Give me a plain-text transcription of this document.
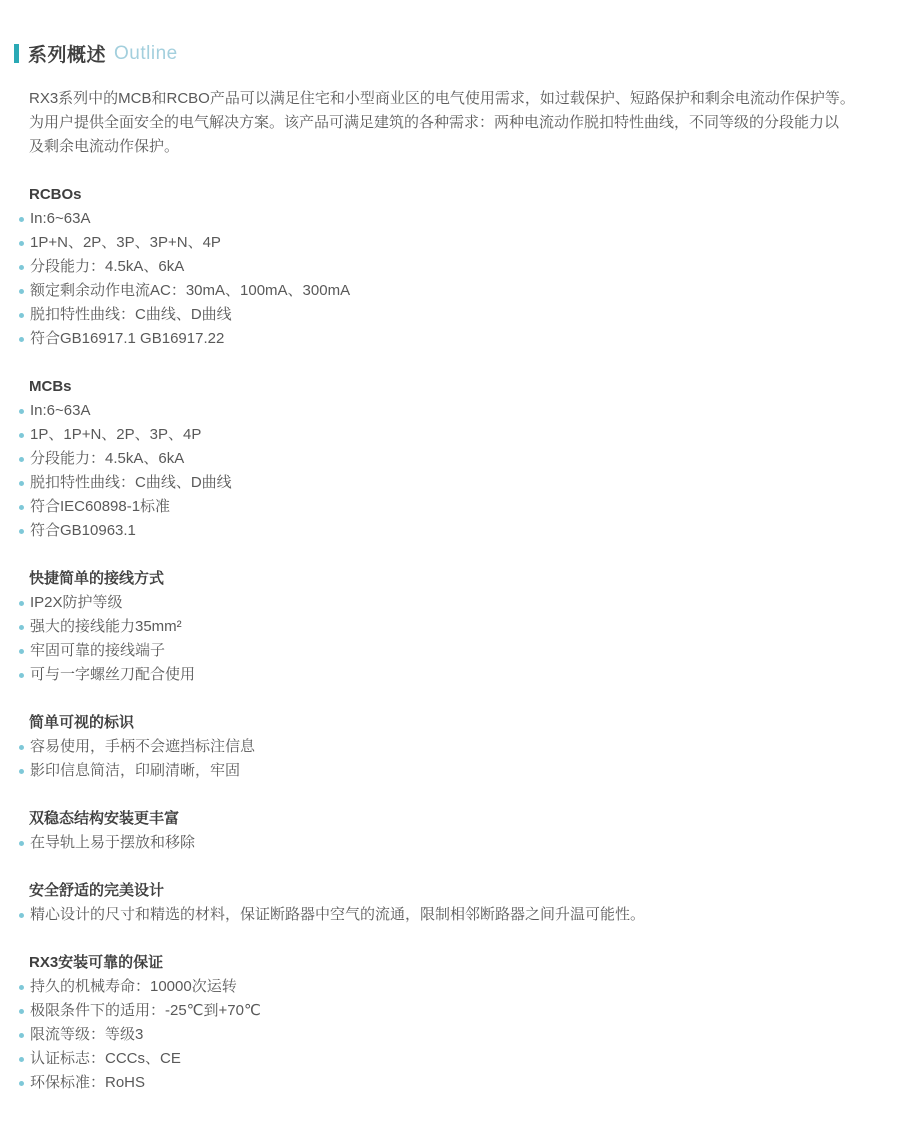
系列概述 Outline
RX3系列中的MCB和RCBO产品可以满足住宅和小型商业区的电气使用需求，如过载保护、短路保护和剩余电流动作保护等。
为用户提供全面安全的电气解决方案。该产品可满足建筑的各种需求：两种电流动作脱扣特性曲线，不同等级的分段能力以
及剩余电流动作保护。
RCBOs
In:6~63A
1P+N、2P、3P、3P+N、4P
分段能力：4.5kA、6kA
额定剩余动作电流AC：30mA、100mA、300mA
脱扣特性曲线：C曲线、D曲线
符合GB16917.1 GB16917.22
MCBs
In:6~63A
1P、1P+N、2P、3P、4P
分段能力：4.5kA、6kA
脱扣特性曲线：C曲线、D曲线
符合IEC60898-1标准
符合GB10963.1
快捷简单的接线方式
IP2X防护等级
强大的接线能力35mm²
牢固可靠的接线端子
可与一字螺丝刀配合使用
简单可视的标识
容易使用，手柄不会遮挡标注信息
影印信息简洁，印刷清晰，牢固
双稳态结构安装更丰富
在导轨上易于摆放和移除
安全舒适的完美设计
精心设计的尺寸和精选的材料，保证断路器中空气的流通，限制相邻断路器之间升温可能性。
RX3安装可靠的保证
持久的机械寿命：10000次运转
极限条件下的适用：-25℃到+70℃
限流等级：等级3
认证标志：CCCs、CE
环保标准：RoHS
